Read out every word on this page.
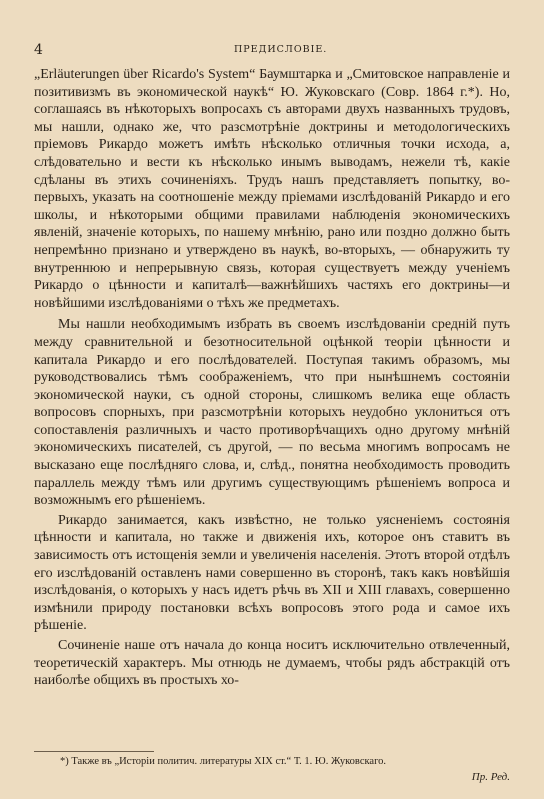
4	ПРЕДИСЛОВІЕ.

„Erläuterungen über Ricardo's System“ Баумштарка и „Смитовское направленіе и позитивизмъ въ экономической наукѣ“ Ю. Жуковскаго (Совр. 1864 г.*). Но, соглашаясь въ нѣкоторыхъ вопросахъ съ авторами двухъ названныхъ трудовъ, мы нашли, однако же, что разсмотрѣніе доктрины и методологическихъ пріемовъ Рикардо можетъ имѣть нѣсколько отличныя точки исхода, а, слѣдовательно и вести къ нѣсколько инымъ выводамъ, нежели тѣ, какіе сдѣланы въ этихъ сочиненіяхъ. Трудъ нашъ представляетъ попытку, во-первыхъ, указать на соотношеніе между пріемами изслѣдованій Рикардо и его школы, и нѣкоторыми общими правилами наблюденія экономическихъ явленій, значеніе которыхъ, по нашему мнѣнію, рано или поздно должно быть непремѣнно признано и утверждено въ наукѣ, во-вторыхъ, — обнаружить ту внутреннюю и непрерывную связь, которая существуетъ между ученіемъ Рикардо о цѣнности и капиталѣ—важнѣйшихъ частяхъ его доктрины—и новѣйшими изслѣдованіями о тѣхъ же предметахъ.

Мы нашли необходимымъ избрать въ своемъ изслѣдованіи средній путь между сравнительной и безотносительной оцѣнкой теоріи цѣнности и капитала Рикардо и его послѣдователей. Поступая такимъ образомъ, мы руководствовались тѣмъ соображеніемъ, что при нынѣшнемъ состояніи экономической науки, съ одной стороны, слишкомъ велика еще область вопросовъ спорныхъ, при разсмотрѣніи которыхъ неудобно уклониться отъ сопоставленія различныхъ и часто противорѣчащихъ одно другому мнѣній экономическихъ писателей, съ другой, — по весьма многимъ вопросамъ не высказано еще послѣдняго слова, и, слѣд., понятна необходимость проводить параллель между тѣмъ или другимъ существующимъ рѣшеніемъ вопроса и возможнымъ его рѣшеніемъ.

Рикардо занимается, какъ извѣстно, не только уясненіемъ состоянія цѣнности и капитала, но также и движенія ихъ, которое онъ ставитъ въ зависимость отъ истощенія земли и увеличенія населенія. Этотъ второй отдѣлъ его изслѣдованій оставленъ нами совершенно въ сторонѣ, такъ какъ новѣйшія изслѣдованія, о которыхъ у насъ идетъ рѣчь въ XII и XIII главахъ, совершенно измѣнили природу постановки всѣхъ вопросовъ этого рода и самое ихъ рѣшеніе.

Сочиненіе наше отъ начала до конца носитъ исключительно отвлеченный, теоретическій характеръ. Мы отнюдь не думаемъ, чтобы рядъ абстракцій отъ наиболѣе общихъ въ простыхъ хо-

*) Также въ „Исторіи политич. литературы XIX ст.“ Т. 1. Ю. Жуковскаго.
Пр. Ред.
